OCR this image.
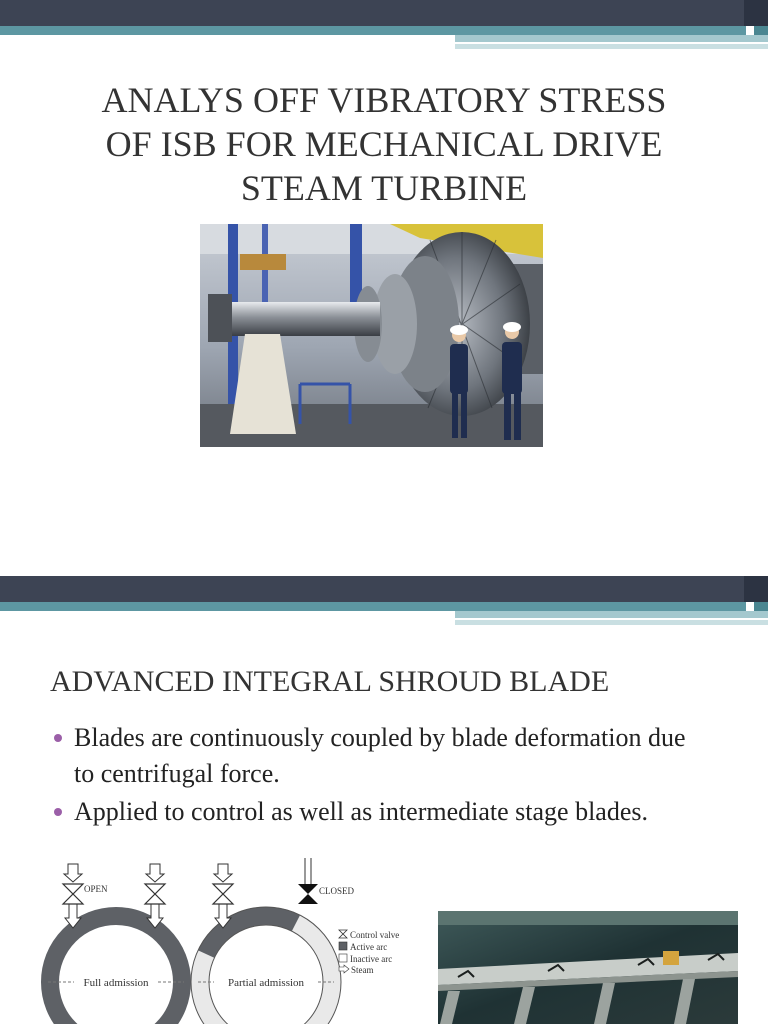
ANALYS OFF VIBRATORY STRESS
OF ISB FOR MECHANICAL DRIVE
STEAM TURBINE
ADVANCED INTEGRAL SHROUD BLADE
Blades are continuously coupled by blade deformation due to centrifugal force.
Applied to control as well as intermediate stage blades.
Full admission
OPEN
Partial admission
CLOSED
Control valve
Active arc
Inactive arc
Steam
